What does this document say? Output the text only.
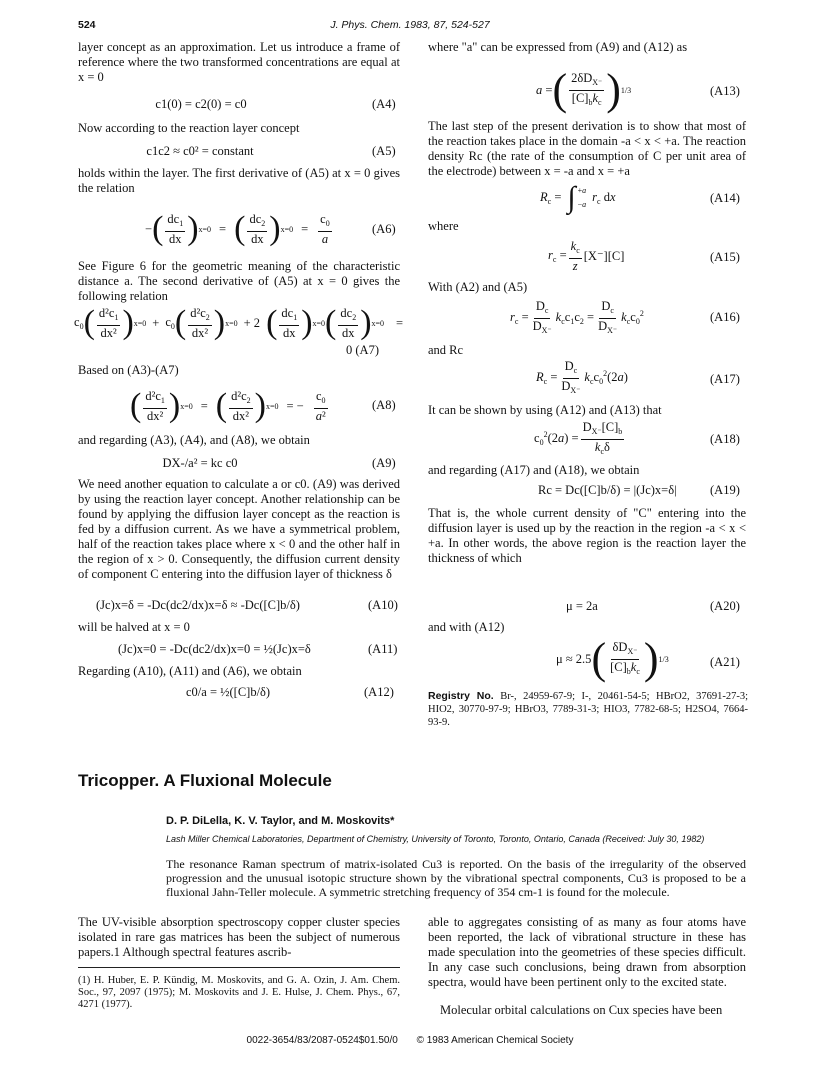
524	J. Phys. Chem. 1983, 87, 524-527
layer concept as an approximation. Let us introduce a frame of reference where the two transformed concentrations are equal at x = 0
c1(0) = c2(0) = c0	(A4)
Now according to the reaction layer concept
c1c2 ≈ c0² = constant	(A5)
holds within the layer. The first derivative of (A5) at x = 0 gives the relation
− ( $\frac{dc_1}{dx}$ ) x=0 = ( $\frac{dc_2}{dx}$ ) $x=0 = \frac{c_0}{a}$	(A6)
See Figure 6 for the geometric meaning of the characteristic distance a. The second derivative of (A5) at x = 0 gives the following relation
$c_0$ ( $\frac{d^2c_1}{\text{dx²}}$ ) $x=0 + c_0$ ( $\frac{d^2c_2}{\text{dx²}}$ ) x=0 + 2 ( $\frac{dc_1}{dx}$ ) x=0 ( $\frac{dc_2}{dx}$ ) x=0 =
0 (A7)
Based on (A3)-(A7)
( $\frac{d^2c_1}{\text{dx²}}$ ) x=0 = ( $\frac{d^2c_2}{\text{dx²}}$ ) x=0 = − $\frac{c_0}{\text{a²}}$	(A8)
and regarding (A3), (A4), and (A8), we obtain
DX-/a² = kc c0	(A9)
We need another equation to calculate a or c0. (A9) was derived by using the reaction layer concept. Another relationship can be found by applying the diffusion layer concept as the reaction is fed by a diffusion current. As we have a symmetrical problem, half of the reaction takes place where x < 0 and the other half in the region of x > 0. Consequently, the diffusion current density of component C entering into the diffusion layer of thickness δ
(Jc)x=δ = -Dc(dc2/dx)x=δ ≈ -Dc([C]b/δ)	(A10)
will be halved at x = 0
(Jc)x=0 = -Dc(dc2/dx)x=0 = ½(Jc)x=δ	(A11)
Regarding (A10), (A11) and (A6), we obtain
c0/a = ½([C]b/δ)	(A12)
where "a" can be expressed from (A9) and (A12) as
a = ( $\frac{2\delta D_{X^-}}{[C]_bk_c}$ ) 1/3	(A13)
The last step of the present derivation is to show that most of the reaction takes place in the domain -a < x < +a. The reaction density Rc (the rate of the consumption of C per unit area of the electrode) between x = -a and x = +a
$R_c$ = ∫ +a
−a
$r_c$ dx	(A14)
where
$r_c = \frac{k_c}{z} [X^-][C]$	(A15)
With (A2) and (A5)
$r_c = \frac{D_c}{D_{X^-}} k_cc_1c_2 = \frac{D_c}{D_{X^-}} k_cc_0^2$	(A16)
and Rc
$R_c = \frac{D_c}{D_{X^-}} k_cc_0^2(2a)$	(A17)
It can be shown by using (A12) and (A13) that
$c_0^2(2a) = \frac{D_{X^-}[C]_b}{k_c\delta}$	(A18)
and regarding (A17) and (A18), we obtain
Rc = Dc([C]b/δ) = |(Jc)x=δ|	(A19)
That is, the whole current density of "C" entering into the diffusion layer is used up by the reaction in the region -a < x < +a. In other words, the above region is the reaction layer the thickness of which
μ = 2a	(A20)
and with (A12)
μ ≈ 2.5 ( $\frac{\delta D_{X^-}}{[C]_bk_c}$ ) 1/3	(A21)
Registry No. Br-, 24959-67-9; I-, 20461-54-5; HBrO2, 37691-27-3; HIO2, 30770-97-9; HBrO3, 7789-31-3; HIO3, 7782-68-5; H2SO4, 7664-93-9.
Tricopper. A Fluxional Molecule
D. P. DiLella, K. V. Taylor, and M. Moskovits*
Lash Miller Chemical Laboratories, Department of Chemistry, University of Toronto, Toronto, Ontario, Canada (Received: July 30, 1982)
The resonance Raman spectrum of matrix-isolated Cu3 is reported. On the basis of the irregularity of the observed progression and the unusual isotopic structure shown by the vibrational spectral components, Cu3 is proposed to be a fluxional Jahn-Teller molecule. A symmetric stretching frequency of 354 cm-1 is found for the molecule.
The UV-visible absorption spectroscopy copper cluster species isolated in rare gas matrices has been the subject of numerous papers.1 Although spectral features ascrib-
(1) H. Huber, E. P. Kündig, M. Moskovits, and G. A. Ozin, J. Am. Chem. Soc., 97, 2097 (1975); M. Moskovits and J. E. Hulse, J. Chem. Phys., 67, 4271 (1977).
able to aggregates consisting of as many as four atoms have been reported, the lack of vibrational structure in these has made speculation into the geometries of these species difficult. In any case such conclusions, being drawn from absorption spectra, would have been pertinent only to the excited state.
Molecular orbital calculations on Cux species have been
0022-3654/83/2087-0524$01.50/0 © 1983 American Chemical Society
